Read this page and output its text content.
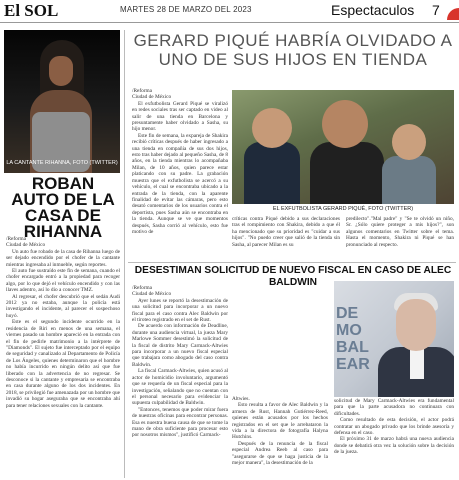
El SOL	MARTES 28 DE MARZO DEL 2023	Espectaculos 7
LA CANTANTE RIHANNA, FOTO (TWITTER)
ROBAN AUTO DE LA CASA DE RIHANNA

/Reforma

Ciudad de México

Un auto fue robado de la casa de Rihanna luego de ser dejado encendido por el chofer de la cantante mientras ingresaba al inmueble, según reportes.

El auto fue sustraído este fin de semana, cuando el chofer encargado entró a la propiedad para recoger algo, por lo que dejó el vehículo encendido y con las llaves adentro, así lo dio a conocer TMZ.

Al regresar, el chofer descubrió que el sedán Audi 2012 ya no estaba, aunque la policía está investigando el incidente, al parecer el sospechoso huyó.

Este es el segundo incidente ocurrido en la residencia de Riri en menos de una semana, el viernes pasado un hombre apareció en la entrada con el fin de pedirle matrimonio a la intérprete de "Diamonds". El sujeto fue interceptado por el equipo de seguridad y canalizado al Departamento de Policía de Los Ángeles, quienes determinaron que el hombre no había incurrido en ningún delito así que fue liberado con la advertencia de no regresar. Se desconoce si la cantante y empresaria se encontraba en casa durante alguno de los dos incidentes. En 2018, se privilegió fue amenazada por un hombre que invadió su hogar aseguraba que se encontraba ahí para tener relaciones sexuales con la cantante.

GERARD PIQUÉ HABRÍA OLVIDADO A UNO DE SUS HIJOS EN TIENDA

/Reforma

Ciudad de México

El exfutbolista Gerard Piqué se viralizó en redes sociales tras ser captado en video al salir de una tienda en Barcelona y presuntamente haber olvidado a Sasha, su hijo menor.

Este fin de semana, la expareja de Shakira recibió críticas después de haber ingresado a una tienda en compañía de sus dos hijos, esto tras haber dejado al pequeño Sasha, de 8 años, en la tienda mientras lo acompañaba Milan, de 10 años, quien parece estar platicando con su padre. La grabación muestra que el exfutbolista se acercó a su vehículo, el cual se encontraba ubicado a la entrada de la tienda, con la aparente finalidad de evitar las cámaras, pero esto desató comentarios de los usuarios contra el deportista, pues Sasha aún se encontraba en la tienda. Aunque se ve que momentos después, Sasha corrió al vehículo, esto fue motivo de

EL EXFUTBOLISTA GERARD PIQUÉ, FOTO (TWITTER)

críticas contra Piqué debido a sus declaraciones tras el rompimiento con Shakira, debido a que él ha mencionado que su prioridad es "cuidar a sus hijos". "No puedo creer que salió de la tienda sin Sasha, al parecer Milan es su

predilecto"."Mal padre" y "Se te olvidó un niño, Sr. ¿Sólo quiere proteger a mis hijos?", son algunos comentarios en Twitter sobre el tema. Hasta el momento, Shakira ni Piqué se han pronunciado al respecto.

DESESTIMAN SOLICITUD DE NUEVO FISCAL EN CASO DE ALEC BALDWIN

/Reforma

Ciudad de México

Ayer lunes se reportó la desestimación de una solicitud para incorporar a un nuevo fiscal para el caso contra Alec Baldwin por el tiroteo registrado en el set de Rust.

De acuerdo con información de Deadline, durante una audiencia virtual, la jueza Mary Marlowe Sommer desestimó la solicitud de la fiscal de distrito Mary Carmack-Altwies para incorporar a un nuevo fiscal especial que trabajara como abogado del caso contra Baldwin.

La fiscal Carmack-Altwies, quien acusó al actor de homicidio involuntario, argumentó que se requería de un fiscal especial para la investigación, señalando que no cuentan con el personal necesario para evidenciar la supuesta culpabilidad de Baldwin.

"Entonces, tenemos que poder mirar fuera de nuestras oficinas para encontrar personas. Esa es nuestra buena causa de que se tome la mano de obra suficiente para procesar esto por nosotros mismos", justificó Carmack-

DE
MO
BAL
EAR

Altwies.

Esto resulta a favor de Alec Baldwin y la armera de Rust, Hannah Gutiérrez-Reed, quienes están acusados por los hechos registrados en el set que le arrebataron la vida a la directora de fotografía Halyna Hutchins.

Después de la renuncia de la fiscal especial Andrea Reeb al caso para "asegurarse de que se haga justicia de la mejor manera", la desestimación de la

solicitud de Mary Carmack-Altwies era fundamental para que la parte acusadora no continuara con dificultades.

Como resultado de esta decisión, el actor podrá contratar un abogado privado que los brinde asesoría y defensa en el caso.

El próximo 31 de marzo habrá una nueva audiencia donde se debatirá otra vez la solución sobre la decisión de la jueza.
